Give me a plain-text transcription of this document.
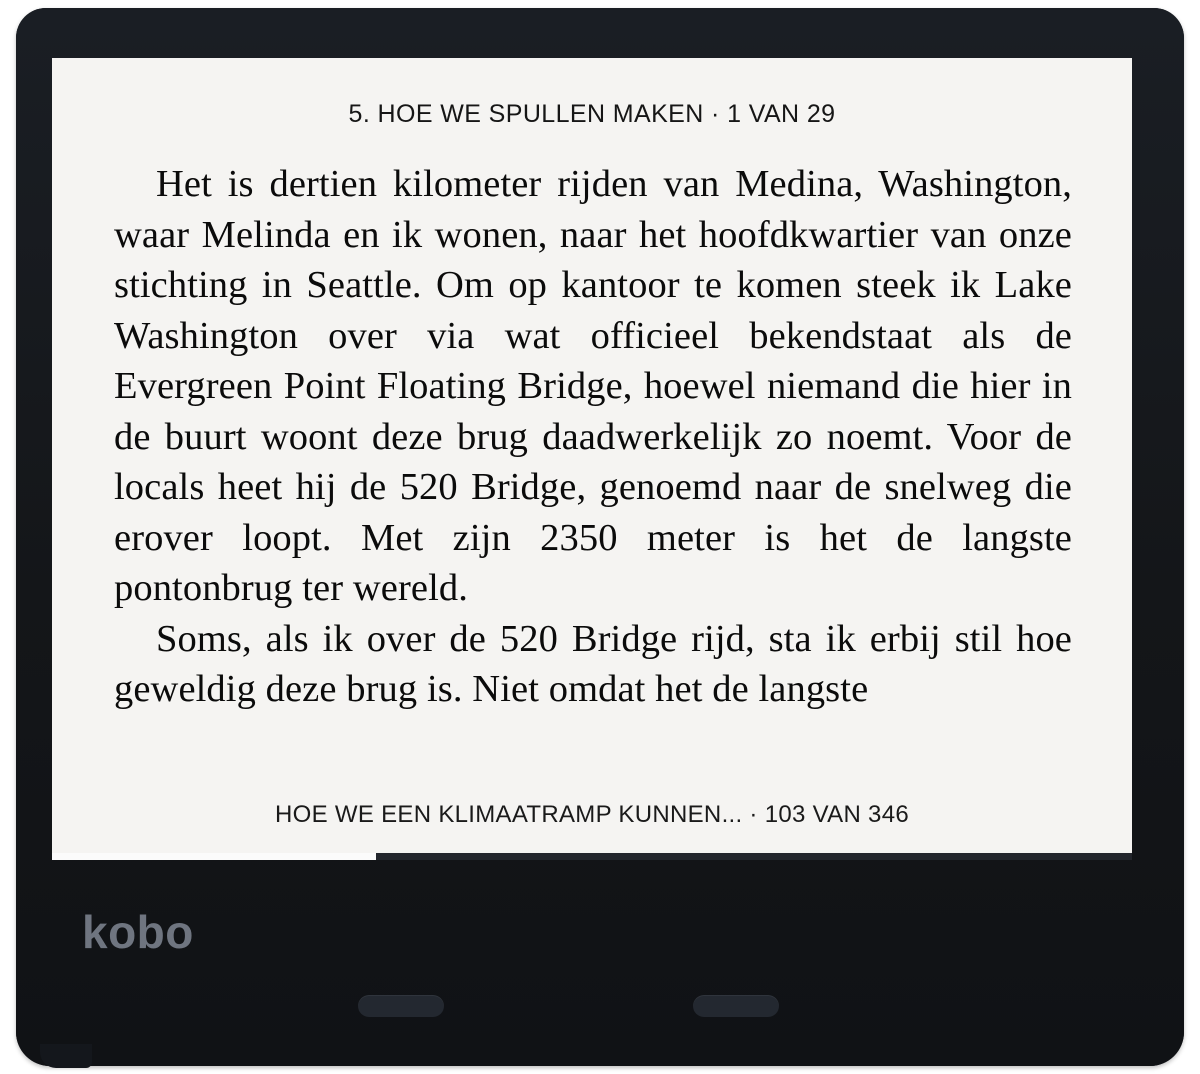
5. HOE WE SPULLEN MAKEN · 1 VAN 29

Het is dertien kilometer rijden van Medina, Washington, waar Melinda en ik wonen, naar het hoofdkwartier van onze stichting in Seattle. Om op kantoor te komen steek ik Lake Washington over via wat officieel bekendstaat als de Evergreen Point Floating Bridge, hoewel niemand die hier in de buurt woont deze brug daadwerkelijk zo noemt. Voor de locals heet hij de 520 Bridge, genoemd naar de snelweg die erover loopt. Met zijn 2350 meter is het de langste pontonbrug ter wereld.

Soms, als ik over de 520 Bridge rijd, sta ik erbij stil hoe geweldig deze brug is. Niet omdat het de langste

HOE WE EEN KLIMAATRAMP KUNNEN... · 103 VAN 346
kobo
